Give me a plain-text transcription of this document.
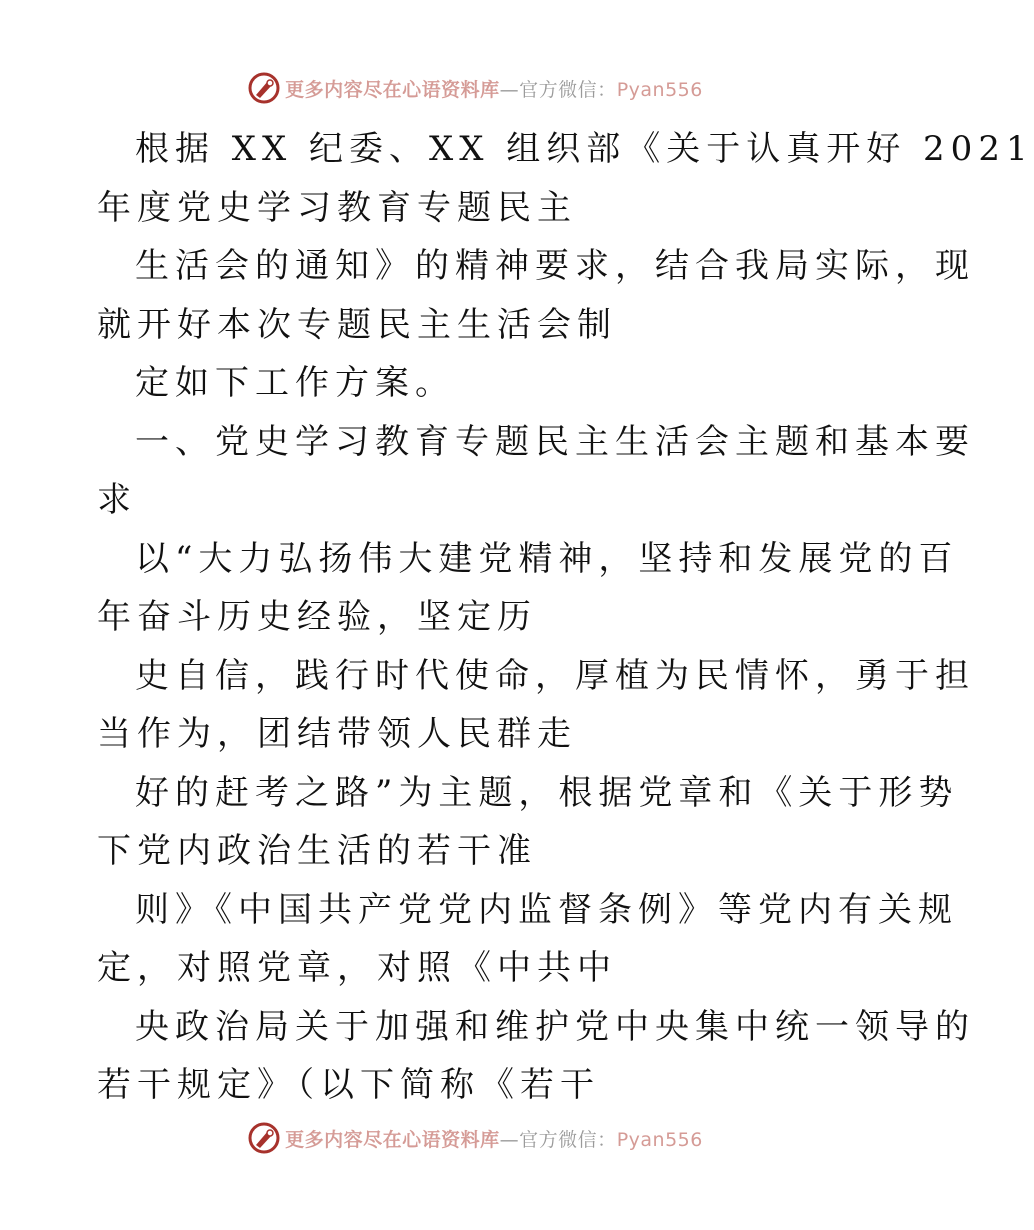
更多内容尽在心语资料库—官方微信：Pyan556
根据 XX 纪委、XX 组织部《关于认真开好 2021
年度党史学习教育专题民主
生活会的通知》的精神要求，结合我局实际，现
就开好本次专题民主生活会制
定如下工作方案。
一、党史学习教育专题民主生活会主题和基本要
求
以“大力弘扬伟大建党精神，坚持和发展党的百
年奋斗历史经验，坚定历
史自信，践行时代使命，厚植为民情怀，勇于担
当作为，团结带领人民群走
好的赶考之路”为主题，根据党章和《关于形势
下党内政治生活的若干准
则》《中国共产党党内监督条例》等党内有关规
定，对照党章，对照《中共中
央政治局关于加强和维护党中央集中统一领导的
若干规定》（以下简称《若干
更多内容尽在心语资料库—官方微信：Pyan556
